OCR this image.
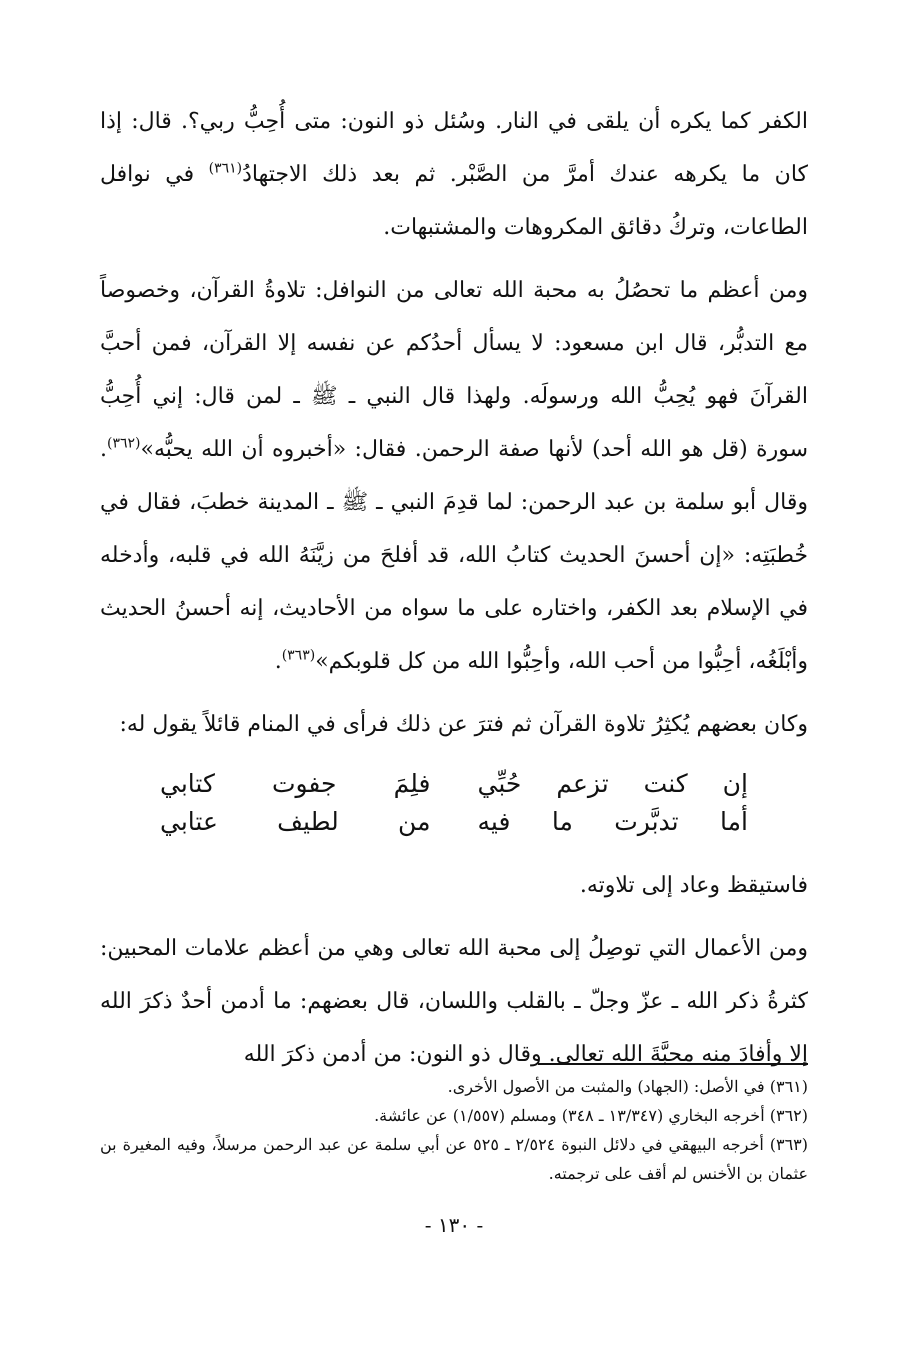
الكفر كما يكره أن يلقى في النار. وسُئل ذو النون: متى أُحِبُّ ربي؟. قال: إذا كان ما يكرهه عندك أمرَّ من الصَّبْر. ثم بعد ذلك الاجتهادُ$^{(٣٦١)}$ في نوافل الطاعات، وتركُ دقائق المكروهات والمشتبهات.

ومن أعظم ما تحصُلُ به محبة الله تعالى من النوافل: تلاوةُ القرآن، وخصوصاً مع التدبُّر، قال ابن مسعود: لا يسأل أحدُكم عن نفسه إلا القرآن، فمن أحبَّ القرآنَ فهو يُحِبُّ الله ورسولَه. ولهذا قال النبي ـ ﷺ ـ لمن قال: إني أُحِبُّ سورة (قل هو الله أحد) لأنها صفة الرحمن. فقال: «أخبروه أن الله يحبُّه»$^{(٣٦٢)}$. وقال أبو سلمة بن عبد الرحمن: لما قدِمَ النبي ـ ﷺ ـ المدينة خطبَ، فقال في خُطبَتِه: «إن أحسنَ الحديث كتابُ الله، قد أفلحَ من زيَّنَهُ الله في قلبه، وأدخله في الإسلام بعد الكفر، واختاره على ما سواه من الأحاديث، إنه أحسنُ الحديث وأبْلَغُه، أحِبُّوا من أحب الله، وأحِبُّوا الله من كل قلوبكم»$^{(٣٦٣)}$.

وكان بعضهم يُكثِرُ تلاوة القرآن ثم فترَ عن ذلك فرأى في المنام قائلاً يقول له:

إن كنت تزعم حُبِّي
فلِمَ جفوت كتابي
أما تدبَّرت ما فيه
من لطيف عتابي

فاستيقظ وعاد إلى تلاوته.

ومن الأعمال التي توصِلُ إلى محبة الله تعالى وهي من أعظم علامات المحبين: كثرةُ ذكر الله ـ عزّ وجلّ ـ بالقلب واللسان، قال بعضهم: ما أدمن أحدٌ ذكرَ الله إلا وأفادَ منه محبَّةَ الله تعالى. وقال ذو النون: من أدمن ذكرَ الله

(٣٦١) في الأصل: (الجهاد) والمثبت من الأصول الأخرى.

(٣٦٢) أخرجه البخاري (١٣/٣٤٧ ـ ٣٤٨) ومسلم (١/٥٥٧) عن عائشة.

(٣٦٣) أخرجه البيهقي في دلائل النبوة ٢/٥٢٤ ـ ٥٢٥ عن أبي سلمة عن عبد الرحمن مرسلاً، وفيه المغيرة بن عثمان بن الأخنس لم أقف على ترجمته.

- ١٣٠ -
